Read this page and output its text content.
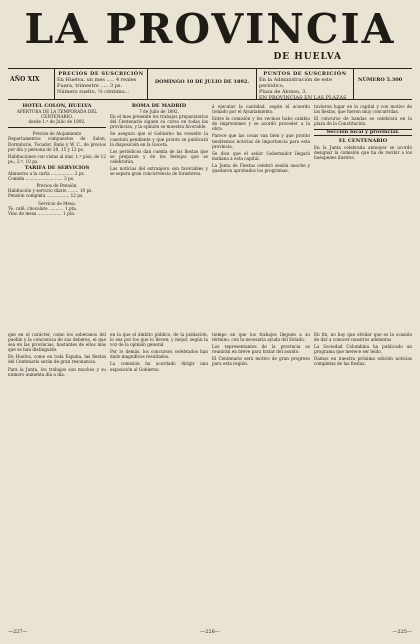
LA PROVINCIA
DE HUELVA
AÑO XIX
PRECIOS DE SUSCRICIÓN
En Huelva, un mes ..... 4 reales
Fuera, trimestre ..... 3 ps.
Número suelto, ½ céntimo...
DOMINGO 10 DE JULIO DE 1892.
PUNTOS DE SUSCRICIÓN
En la Administración de este periódico,
Plaza de Alonso, 3.
EN PROVINCIAS EN LAS PLAZAS
NÚMERO 5.300
HOTEL COLON, HUELVA
APERTURA DE LA TEMPORADA DEL CENTENARIO,
desde 1.º de Julio de 1892.
Precios de Alojamiento

Departamentos compuestos de Salon, Dormitorio, Tocador, Baño y W. C., de precios por día y persona de 20, 15 y 12 ps.

Habitaciones con vistas al mar, 1.º piso, de 12 ps.; 2.º, 10 ps.

TARIFA DE SERVICIOS

Almuerzo a la carta ................. 2 ps.
Comida ............................ 3 ps.

Precios de Pensión.

Habitación y servicio diario ........ 10 ps.
Pensión completa ................. 12 ps.

Servicio de Mesa.

Té, café, chocolate ........... 1 pta.
Vino de mesa .................. 1 pta.

ROMA DE MADRID
7 de Julio de 1892.

En el mes presente los trabajos preparatorios del Centenario siguen su curso en todas las provincias, y la opinión se muestra favorable.

Se asegura que el Gobierno ha resuelto la cuestión pendiente y que pronto se publicará la disposición en la Gaceta.

Los periódicos dan cuenta de las fiestas que se preparan y de los festejos que se celebrarán.

Las noticias del extranjero son favorables y se espera gran concurrencia de forasteros.

á ejecutar la cantidad, según el acuerdo tomado por el Ayuntamiento.

Entre la comisión y los vecinos hubo cambio de impresiones y se acordó proceder a la obra.

Parece que las cosas van bien y que pronto tendremos noticias de importancia para esta provincia.

Se dice que el señor Gobernador llegará mañana a esta capital.

La Junta de Fiestas celebró sesión anoche y quedaron aprobados los programas.

tuvieron lugar en la capital y con motivo de las fiestas, que fueron muy concurridas.

El concurso de bandas se celebrará en la plaza de la Constitución.

Sección local y provincial.
EL CENTENARIO

En la Junta celebrada anteayer se acordó designar la comisión que ha de recibir a los huéspedes ilustres.

que en el carácter, como los soberanos del pueblo y la conciencia de sus deberes, el que sea en las provincias, bastantes de ellos más que se han distinguido.

En Huelva, como en toda España, las fiestas del Centenario serán de gran resonancia.

Para la Junta, los trabajos son muchos y su número aumenta día a día.

en la que el ámbito público, de la población, lo sea por los que lo lleven; y mejor, según la voz de la opinión general.

Por lo demás, los concursos celebrados han dado magníficos resultados.

La comisión ha acordado dirigir una exposición al Gobierno.

tiempo en que los trabajos lleguen a su término, con la necesaria ayuda del Estado.

Los representantes de la provincia se reunirán en breve para tratar del asunto.

El Centenario será motivo de gran progreso para esta región.

En fin, no hay que olvidar que es la ocasión de dar a conocer nuestros adelantos.

La Sociedad Colombina ha publicado un programa que merece ser leído.

Damos en nuestra próxima edición noticias completas de las fiestas.

—227—	—226—	—225—
